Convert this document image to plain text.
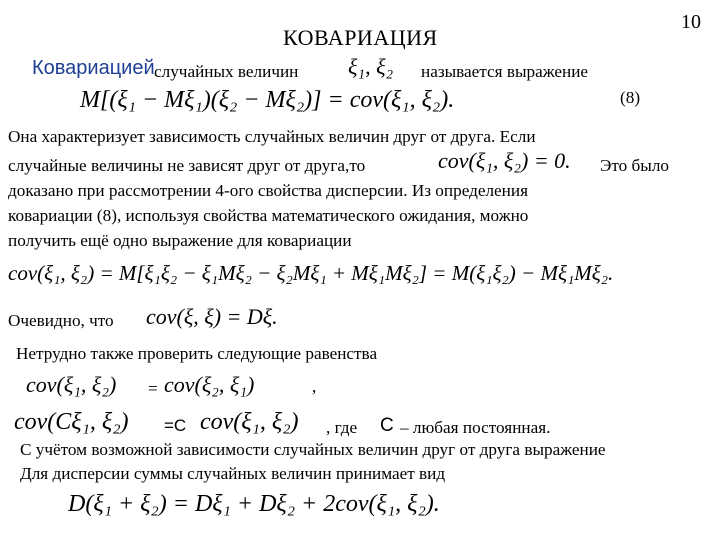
КОВАРИАЦИЯ
10
Ковариацией случайных величин ξ₁, ξ₂ называется выражение
M[(ξ₁ − Mξ₁)(ξ₂ − Mξ₂)] = cov(ξ₁, ξ₂).	(8)
Она характеризует зависимость случайных величин друг от друга. Если
случайные величины не зависят друг от друга,то	cov(ξ₁, ξ₂) = 0. Это было
доказано при рассмотрении 4-ого свойства дисперсии. Из определения
ковариации (8), используя свойства математического ожидания, можно
получить ещё одно выражение для ковариации
cov(ξ₁, ξ₂) = M[ξ₁ξ₂ − ξ₁Mξ₂ − ξ₂Mξ₁ + Mξ₁Mξ₂] = M(ξ₁ξ₂) − Mξ₁Mξ₂.
Очевидно, что cov(ξ, ξ) = Dξ.
Нетрудно также проверить следующие равенства
cov(ξ₁, ξ₂) = cov(ξ₂, ξ₁)	,
cov(Cξ₁, ξ₂) =C cov(ξ₁, ξ₂) , где C – любая постоянная.
С учётом возможной зависимости случайных величин друг от друга выражение
Для дисперсии суммы случайных величин принимает вид
D(ξ₁ + ξ₂) = Dξ₁ + Dξ₂ + 2cov(ξ₁, ξ₂).
